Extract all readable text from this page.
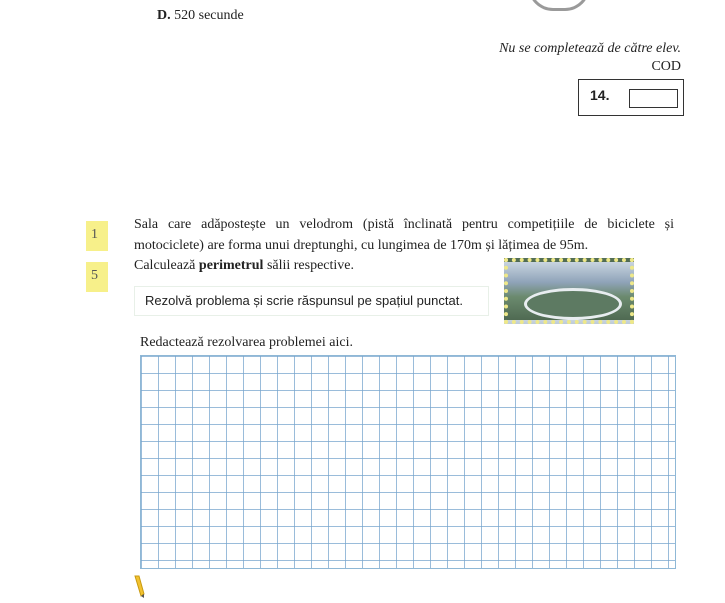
D. 520 secunde
Nu se completează de către elev.
COD
14.
1
5
Sala care adăpostește un velodrom (pistă înclinată pentru competițiile de biciclete și motociclete) are forma unui dreptunghi, cu lungimea de 170m și lățimea de 95m.
Calculează perimetrul sălii respective.
Rezolvă problema și scrie răspunsul pe spațiul punctat.
Redactează rezolvarea problemei aici.
